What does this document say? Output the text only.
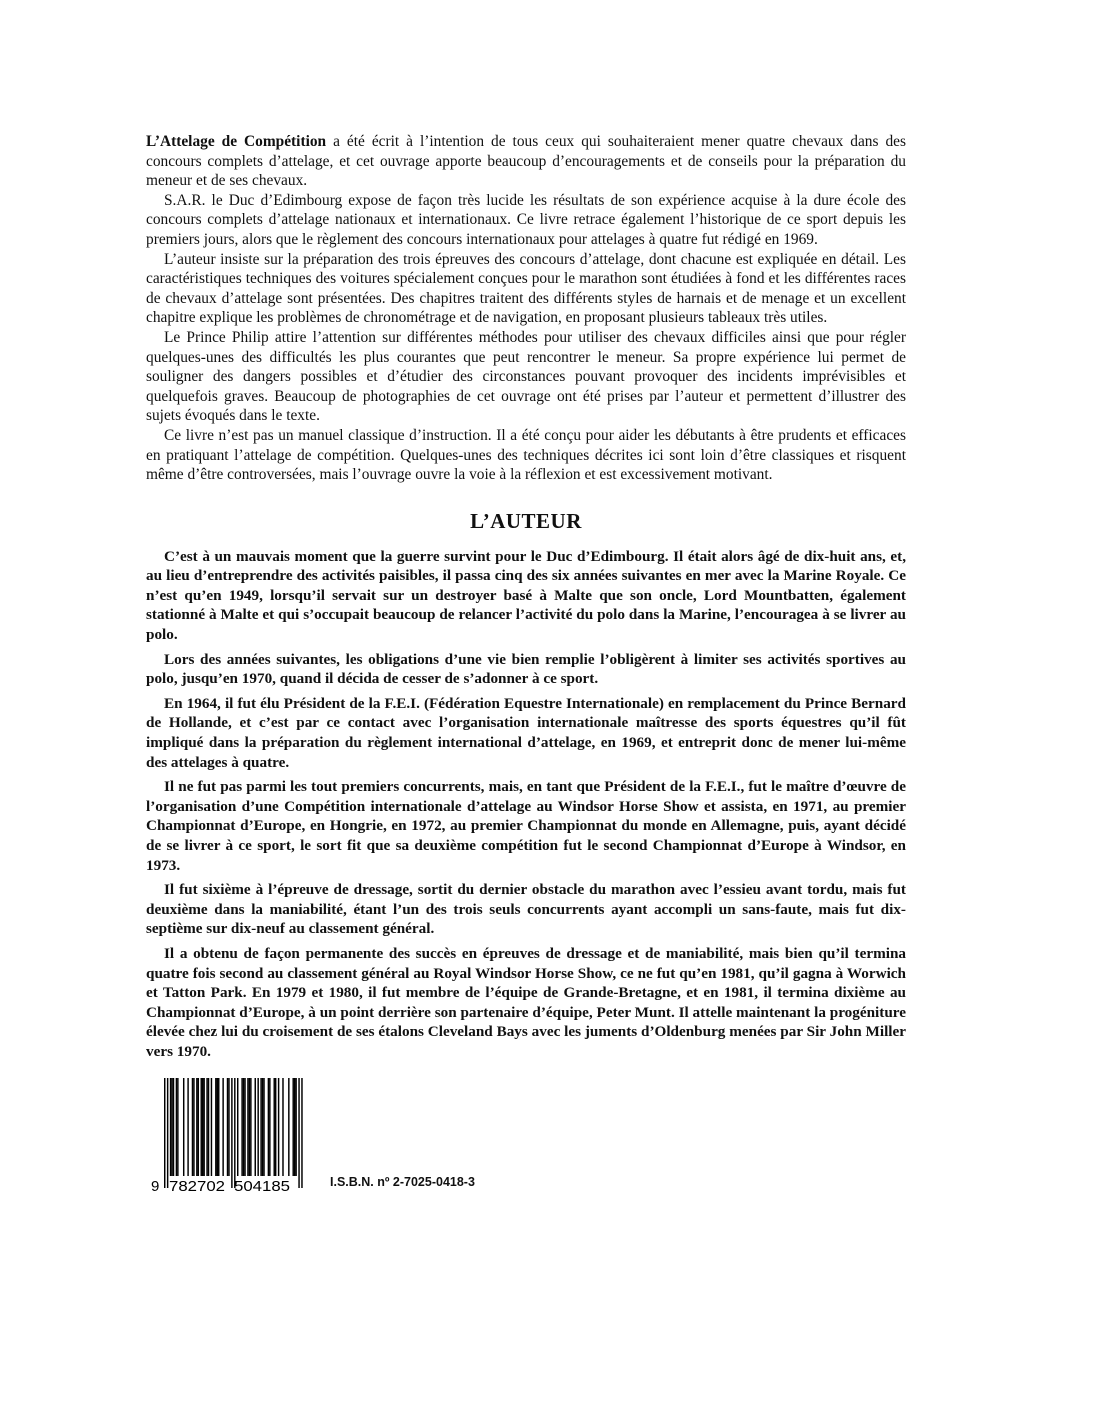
L’Attelage de Compétition a été écrit à l’intention de tous ceux qui souhaiteraient mener quatre chevaux dans des concours complets d’attelage, et cet ouvrage apporte beaucoup d’encouragements et de conseils pour la préparation du meneur et de ses chevaux.

S.A.R. le Duc d’Edimbourg expose de façon très lucide les résultats de son expérience acquise à la dure école des concours complets d’attelage nationaux et internationaux. Ce livre retrace également l’historique de ce sport depuis les premiers jours, alors que le règlement des concours internationaux pour attelages à quatre fut rédigé en 1969.

L’auteur insiste sur la préparation des trois épreuves des concours d’attelage, dont chacune est expliquée en détail. Les caractéristiques techniques des voitures spécialement conçues pour le marathon sont étudiées à fond et les différentes races de chevaux d’attelage sont présentées. Des chapitres traitent des différents styles de harnais et de menage et un excellent chapitre explique les problèmes de chronométrage et de navigation, en proposant plusieurs tableaux très utiles.

Le Prince Philip attire l’attention sur différentes méthodes pour utiliser des chevaux difficiles ainsi que pour régler quelques-unes des difficultés les plus courantes que peut rencontrer le meneur. Sa propre expérience lui permet de souligner des dangers possibles et d’étudier des circonstances pouvant provoquer des incidents imprévisibles et quelquefois graves. Beaucoup de photographies de cet ouvrage ont été prises par l’auteur et permettent d’illustrer des sujets évoqués dans le texte.

Ce livre n’est pas un manuel classique d’instruction. Il a été conçu pour aider les débutants à être prudents et efficaces en pratiquant l’attelage de compétition. Quelques-unes des techniques décrites ici sont loin d’être classiques et risquent même d’être controversées, mais l’ouvrage ouvre la voie à la réflexion et est excessivement motivant.

L’AUTEUR

C’est à un mauvais moment que la guerre survint pour le Duc d’Edimbourg. Il était alors âgé de dix-huit ans, et, au lieu d’entreprendre des activités paisibles, il passa cinq des six années suivantes en mer avec la Marine Royale. Ce n’est qu’en 1949, lorsqu’il servait sur un destroyer basé à Malte que son oncle, Lord Mountbatten, également stationné à Malte et qui s’occupait beaucoup de relancer l’activité du polo dans la Marine, l’encouragea à se livrer au polo.

Lors des années suivantes, les obligations d’une vie bien remplie l’obligèrent à limiter ses activités sportives au polo, jusqu’en 1970, quand il décida de cesser de s’adonner à ce sport.

En 1964, il fut élu Président de la F.E.I. (Fédération Equestre Internationale) en remplacement du Prince Bernard de Hollande, et c’est par ce contact avec l’organisation internationale maîtresse des sports équestres qu’il fût impliqué dans la préparation du règlement international d’attelage, en 1969, et entreprit donc de mener lui-même des attelages à quatre.

Il ne fut pas parmi les tout premiers concurrents, mais, en tant que Président de la F.E.I., fut le maître d’œuvre de l’organisation d’une Compétition internationale d’attelage au Windsor Horse Show et assista, en 1971, au premier Championnat d’Europe, en Hongrie, en 1972, au premier Championnat du monde en Allemagne, puis, ayant décidé de se livrer à ce sport, le sort fit que sa deuxième compétition fut le second Championnat d’Europe à Windsor, en 1973.

Il fut sixième à l’épreuve de dressage, sortit du dernier obstacle du marathon avec l’essieu avant tordu, mais fut deuxième dans la maniabilité, étant l’un des trois seuls concurrents ayant accompli un sans-faute, mais fut dix-septième sur dix-neuf au classement général.

Il a obtenu de façon permanente des succès en épreuves de dressage et de maniabilité, mais bien qu’il termina quatre fois second au classement général au Royal Windsor Horse Show, ce ne fut qu’en 1981, qu’il gagna à Worwich et Tatton Park. En 1979 et 1980, il fut membre de l’équipe de Grande-Bretagne, et en 1981, il termina dixième au Championnat d’Europe, à un point derrière son partenaire d’équipe, Peter Munt. Il attelle maintenant la progéniture élevée chez lui du croisement de ses étalons Cleveland Bays avec les juments d’Oldenburg menées par Sir John Miller vers 1970.

9 782702 504185	I.S.B.N. nº 2-7025-0418-3
